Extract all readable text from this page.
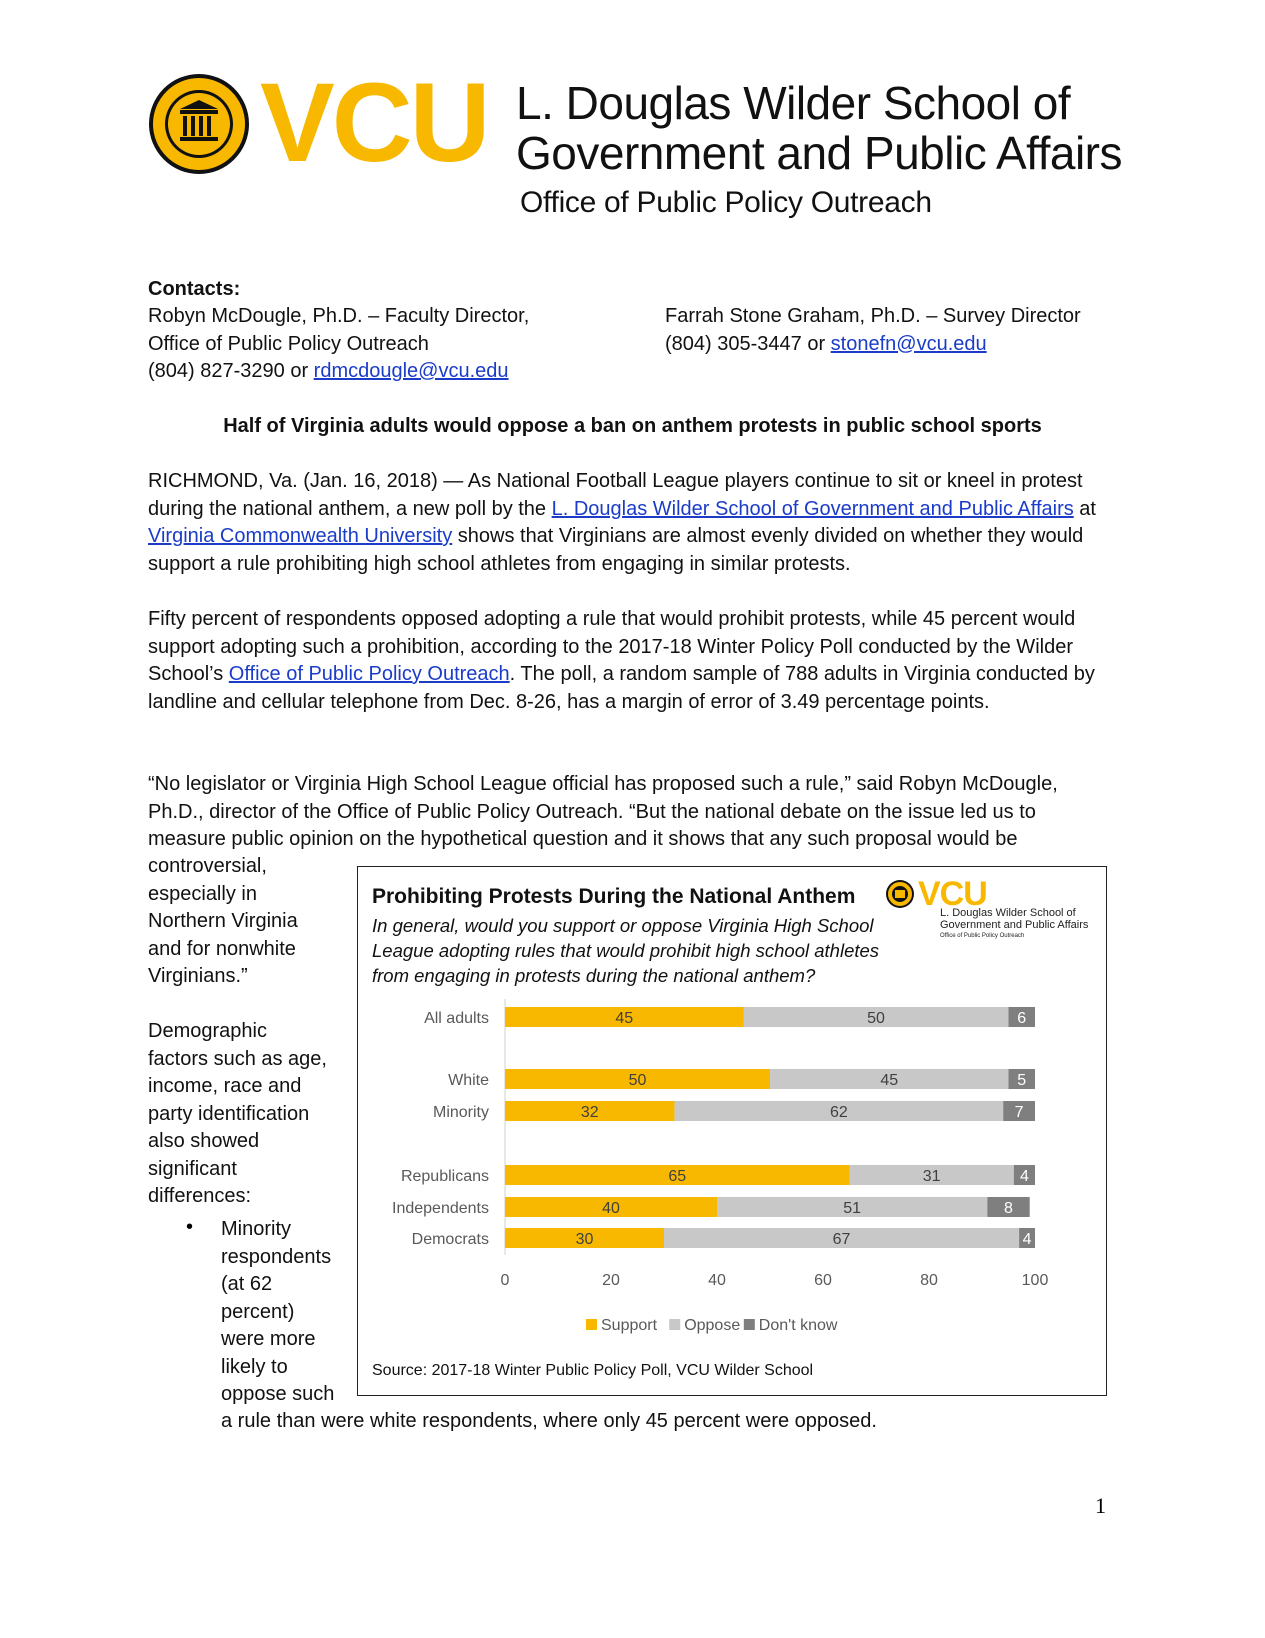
VCU L. Douglas Wilder School of
Government and Public Affairs
Office of Public Policy Outreach
Contacts:
Robyn McDougle, Ph.D. – Faculty Director,
Office of Public Policy Outreach
(804) 827-3290 or rdmcdougle@vcu.edu
Farrah Stone Graham, Ph.D. – Survey Director
(804) 305-3447 or stonefn@vcu.edu
Half of Virginia adults would oppose a ban on anthem protests in public school sports
RICHMOND, Va. (Jan. 16, 2018) — As National Football League players continue to sit or kneel in protest during the national anthem, a new poll by the L. Douglas Wilder School of Government and Public Affairs at Virginia Commonwealth University shows that Virginians are almost evenly divided on whether they would support a rule prohibiting high school athletes from engaging in similar protests.
Fifty percent of respondents opposed adopting a rule that would prohibit protests, while 45 percent would support adopting such a prohibition, according to the 2017-18 Winter Policy Poll conducted by the Wilder School’s Office of Public Policy Outreach. The poll, a random sample of 788 adults in Virginia conducted by landline and cellular telephone from Dec. 8-26, has a margin of error of 3.49 percentage points.
“No legislator or Virginia High School League official has proposed such a rule,” said Robyn McDougle, Ph.D., director of the Office of Public Policy Outreach. “But the national debate on the issue led us to measure public opinion on the hypothetical question and it shows that any such proposal would be
controversial,
especially in
Northern Virginia
and for nonwhite
Virginians.”
Demographic
factors such as age,
income, race and
party identification
also showed
significant
differences:
• Minority
respondents
(at 62
percent)
were more
likely to
oppose such
a rule than were white respondents, where only 45 percent were opposed.
Prohibiting Protests During the National Anthem
In general, would you support or oppose Virginia High School League adopting rules that would prohibit high school athletes from engaging in protests during the national anthem?
VCU
L. Douglas Wilder School of Government and Public Affairs
Office of Public Policy Outreach
All adults	45	50	6
White	50	45	5
Minority	32	62	7
Republicans	65	31	4
Independents	40	51	8
Democrats	30	67	4
0	20	40	60	80	100
Support Oppose Don't know
Source: 2017-18 Winter Public Policy Poll, VCU Wilder School
1
